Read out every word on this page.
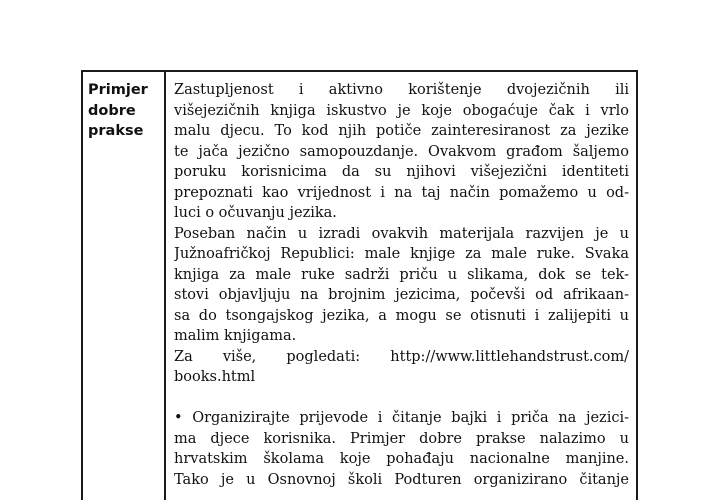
Primjer
dobre
prakse
Zastupljenost i aktivno korištenje dvojezičnih ili
višejezičnih knjiga iskustvo je koje obogaćuje čak i vrlo
malu djecu. To kod njih potiče zainteresiranost za jezike
te jača jezično samopouzdanje. Ovakvom građom šaljemo
poruku korisnicima da su njihovi višejezični identiteti
prepoznati kao vrijednost i na taj način pomažemo u od-
luci o očuvanju jezika.
Poseban način u izradi ovakvih materijala razvijen je u
Južnoafričkoj Republici: male knjige za male ruke. Svaka
knjiga za male ruke sadrži priču u slikama, dok se tek-
stovi objavljuju na brojnim jezicima, počevši od afrikaan-
sa do tsongajskog jezika, a mogu se otisnuti i zalijepiti u
malim knjigama.
Za više, pogledati: http://www.littlehandstrust.com/
books.html
• Organizirajte prijevode i čitanje bajki i priča na jezici-
ma djece korisnika. Primjer dobre prakse nalazimo u
hrvatskim školama koje pohađaju nacionalne manjine.
Tako je u Osnovnoj školi Podturen organizirano čitanje
